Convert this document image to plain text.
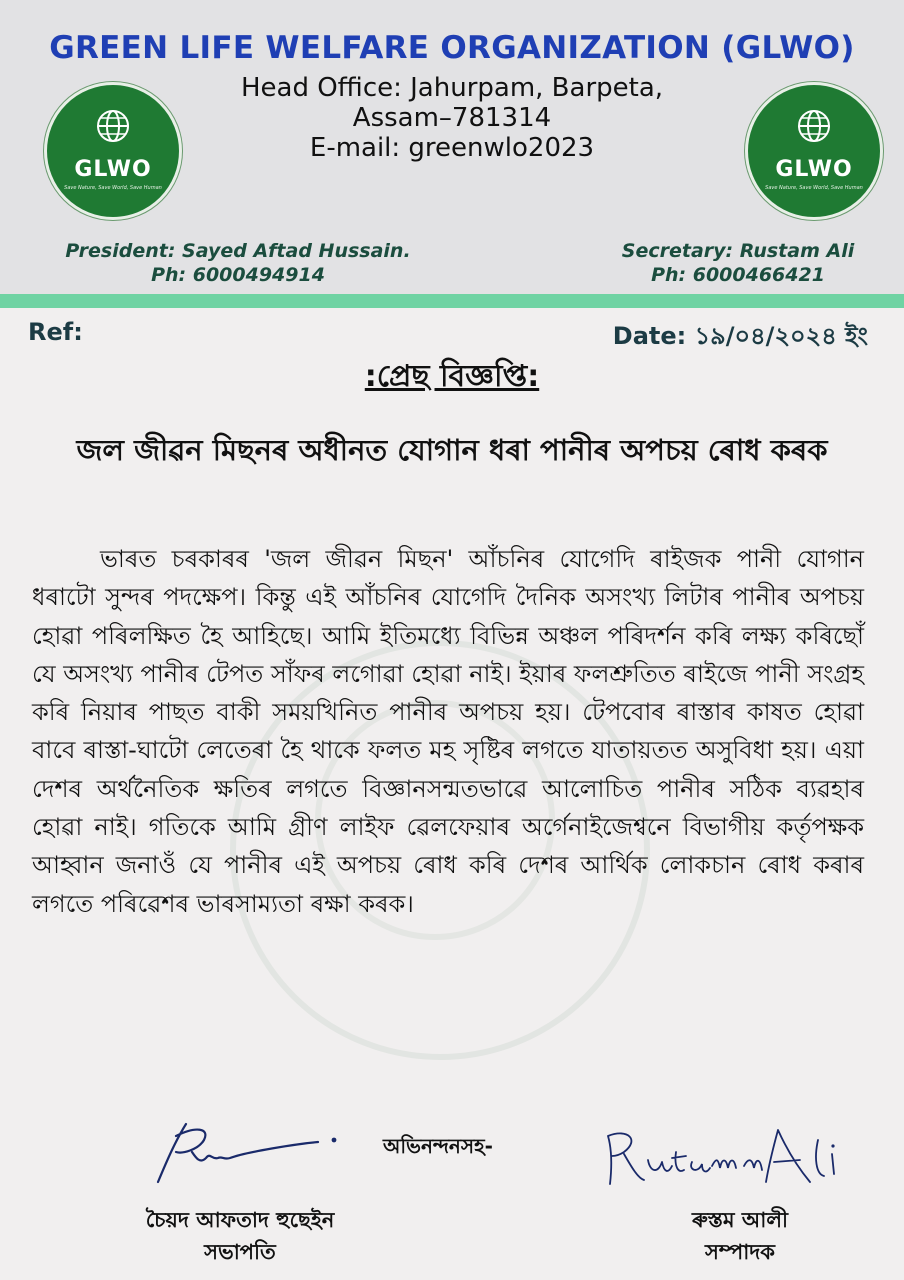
GREEN LIFE WELFARE ORGANIZATION (GLWO)
Head Office: Jahurpam, Barpeta,
Assam–781314
E-mail: greenwlo2023
GLWO
Save Nature, Save World, Save Human
GLWO
Save Nature, Save World, Save Human
President: Sayed Aftad Hussain.
Ph: 6000494914
Secretary: Rustam Ali
Ph: 6000466421
Ref:	Date: ১৯/০৪/২০২৪ ইং
:প্ৰেছ বিজ্ঞপ্তি:
জল জীৱন মিছনৰ অধীনত যোগান ধৰা পানীৰ অপচয় ৰোধ কৰক
ভাৰত চৰকাৰৰ 'জল জীৱন মিছন' আঁচনিৰ যোগেদি ৰাইজক পানী যোগান ধৰাটো সুন্দৰ পদক্ষেপ। কিন্তু এই আঁচনিৰ যোগেদি দৈনিক অসংখ্য লিটাৰ পানীৰ অপচয় হোৱা পৰিলক্ষিত হৈ আহিছে। আমি ইতিমধ্যে বিভিন্ন অঞ্চল পৰিদৰ্শন কৰি লক্ষ্য কৰিছোঁ যে অসংখ্য পানীৰ টেপত সাঁফৰ লগোৱা হোৱা নাই। ইয়াৰ ফলশ্ৰুতিত ৰাইজে পানী সংগ্ৰহ কৰি নিয়াৰ পাছত বাকী সময়খিনিত পানীৰ অপচয় হয়। টেপবোৰ ৰাস্তাৰ কাষত হোৱা বাবে ৰাস্তা-ঘাটো লেতেৰা হৈ থাকে ফলত মহ সৃষ্টিৰ লগতে যাতায়তত অসুবিধা হয়। এয়া দেশৰ অৰ্থনৈতিক ক্ষতিৰ লগতে বিজ্ঞানসন্মতভাৱে আলোচিত পানীৰ সঠিক ব্যৱহাৰ হোৱা নাই। গতিকে আমি গ্ৰীণ লাইফ ৱেলফেয়াৰ অৰ্গেনাইজেশ্বনে বিভাগীয় কৰ্তৃপক্ষক আহ্বান জনাওঁ যে পানীৰ এই অপচয় ৰোধ কৰি দেশৰ আৰ্থিক লোকচান ৰোধ কৰাৰ লগতে পৰিৱেশৰ ভাৰসাম্যতা ৰক্ষা কৰক।
অভিনন্দনসহ-
চৈয়দ আফতাদ হুছেইন
সভাপতি
ৰুস্তম আলী
সম্পাদক
